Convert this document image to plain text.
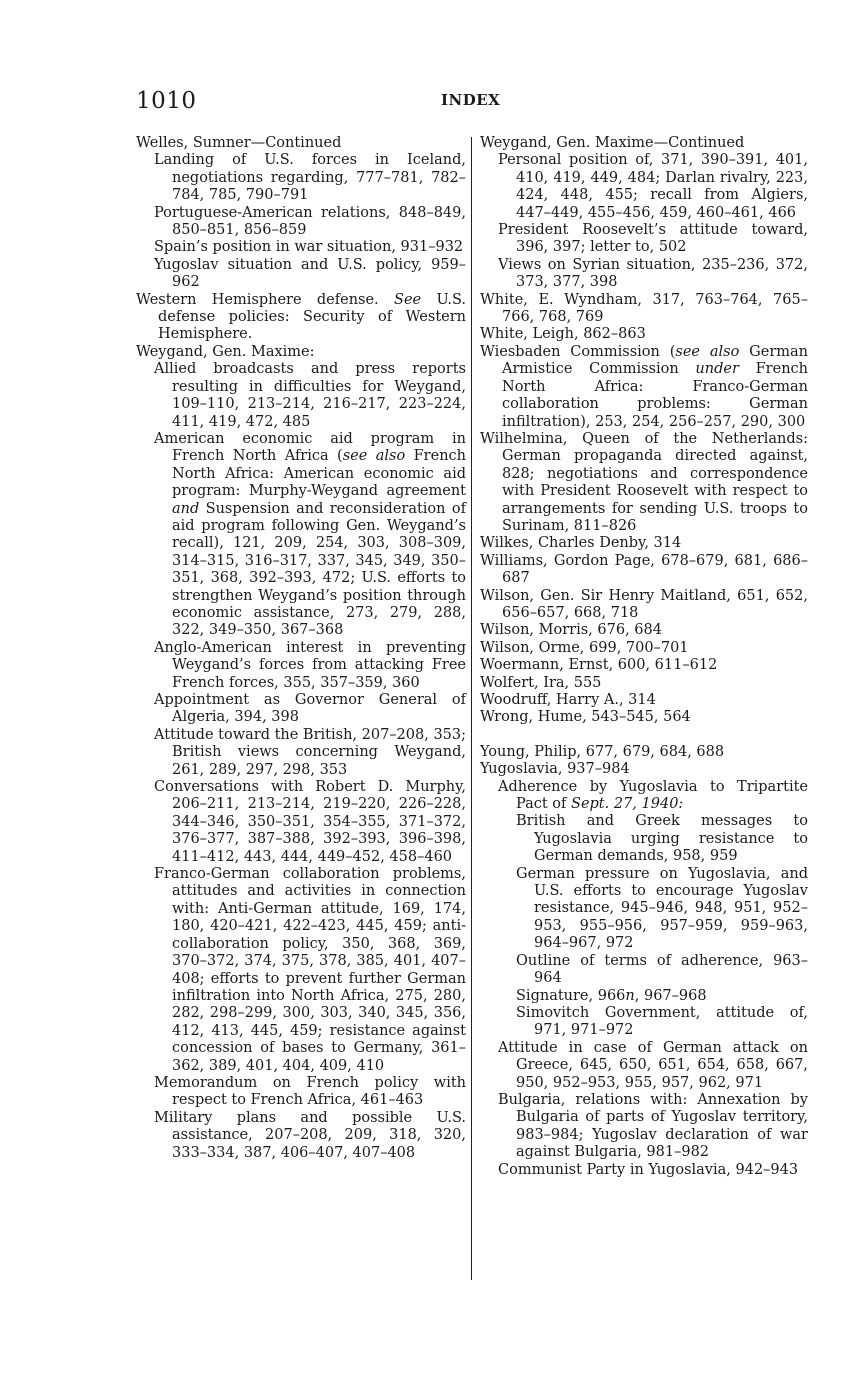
1010	INDEX

Welles, Sumner—Continued

Landing of U.S. forces in Iceland, negotiations regarding, 777–781, 782–784, 785, 790–791

Portuguese-American relations, 848–849, 850–851, 856–859

Spain’s position in war situation, 931–932

Yugoslav situation and U.S. policy, 959–962

Western Hemisphere defense. See U.S. defense policies: Security of Western Hemisphere.

Weygand, Gen. Maxime:

Allied broadcasts and press reports resulting in difficulties for Weygand, 109–110, 213–214, 216–217, 223–224, 411, 419, 472, 485

American economic aid program in French North Africa (see also French North Africa: American economic aid program: Murphy-Weygand agreement and Suspension and reconsideration of aid program following Gen. Weygand’s recall), 121, 209, 254, 303, 308–309, 314–315, 316–317, 337, 345, 349, 350–351, 368, 392–393, 472; U.S. efforts to strengthen Weygand’s position through economic assistance, 273, 279, 288, 322, 349–350, 367–368

Anglo-American interest in preventing Weygand’s forces from attacking Free French forces, 355, 357–359, 360

Appointment as Governor General of Algeria, 394, 398

Attitude toward the British, 207–208, 353; British views concerning Weygand, 261, 289, 297, 298, 353

Conversations with Robert D. Murphy, 206–211, 213–214, 219–220, 226–228, 344–346, 350–351, 354–355, 371–372, 376–377, 387–388, 392–393, 396–398, 411–412, 443, 444, 449–452, 458–460

Franco-German collaboration problems, attitudes and activities in connection with: Anti-German attitude, 169, 174, 180, 420–421, 422–423, 445, 459; anti-collaboration policy, 350, 368, 369, 370–372, 374, 375, 378, 385, 401, 407–408; efforts to prevent further German infiltration into North Africa, 275, 280, 282, 298–299, 300, 303, 340, 345, 356, 412, 413, 445, 459; resistance against concession of bases to Germany, 361–362, 389, 401, 404, 409, 410

Memorandum on French policy with respect to French Africa, 461–463

Military plans and possible U.S. assistance, 207–208, 209, 318, 320, 333–334, 387, 406–407, 407–408

Weygand, Gen. Maxime—Continued

Personal position of, 371, 390–391, 401, 410, 419, 449, 484; Darlan rivalry, 223, 424, 448, 455; recall from Algiers, 447–449, 455–456, 459, 460–461, 466

President Roosevelt’s attitude toward, 396, 397; letter to, 502

Views on Syrian situation, 235–236, 372, 373, 377, 398

White, E. Wyndham, 317, 763–764, 765–766, 768, 769

White, Leigh, 862–863

Wiesbaden Commission (see also German Armistice Commission under French North Africa: Franco-German collaboration problems: German infiltration), 253, 254, 256–257, 290, 300

Wilhelmina, Queen of the Netherlands: German propaganda directed against, 828; negotiations and correspondence with President Roosevelt with respect to arrangements for sending U.S. troops to Surinam, 811–826

Wilkes, Charles Denby, 314

Williams, Gordon Page, 678–679, 681, 686–687

Wilson, Gen. Sir Henry Maitland, 651, 652, 656–657, 668, 718

Wilson, Morris, 676, 684

Wilson, Orme, 699, 700–701

Woermann, Ernst, 600, 611–612

Wolfert, Ira, 555

Woodruff, Harry A., 314

Wrong, Hume, 543–545, 564

Young, Philip, 677, 679, 684, 688

Yugoslavia, 937–984

Adherence by Yugoslavia to Tripartite Pact of Sept. 27, 1940:

British and Greek messages to Yugoslavia urging resistance to German demands, 958, 959

German pressure on Yugoslavia, and U.S. efforts to encourage Yugoslav resistance, 945–946, 948, 951, 952–953, 955–956, 957–959, 959–963, 964–967, 972

Outline of terms of adherence, 963–964

Signature, 966n, 967–968

Simovitch Government, attitude of, 971, 971–972

Attitude in case of German attack on Greece, 645, 650, 651, 654, 658, 667, 950, 952–953, 955, 957, 962, 971

Bulgaria, relations with: Annexation by Bulgaria of parts of Yugoslav territory, 983–984; Yugoslav declaration of war against Bulgaria, 981–982

Communist Party in Yugoslavia, 942–943
